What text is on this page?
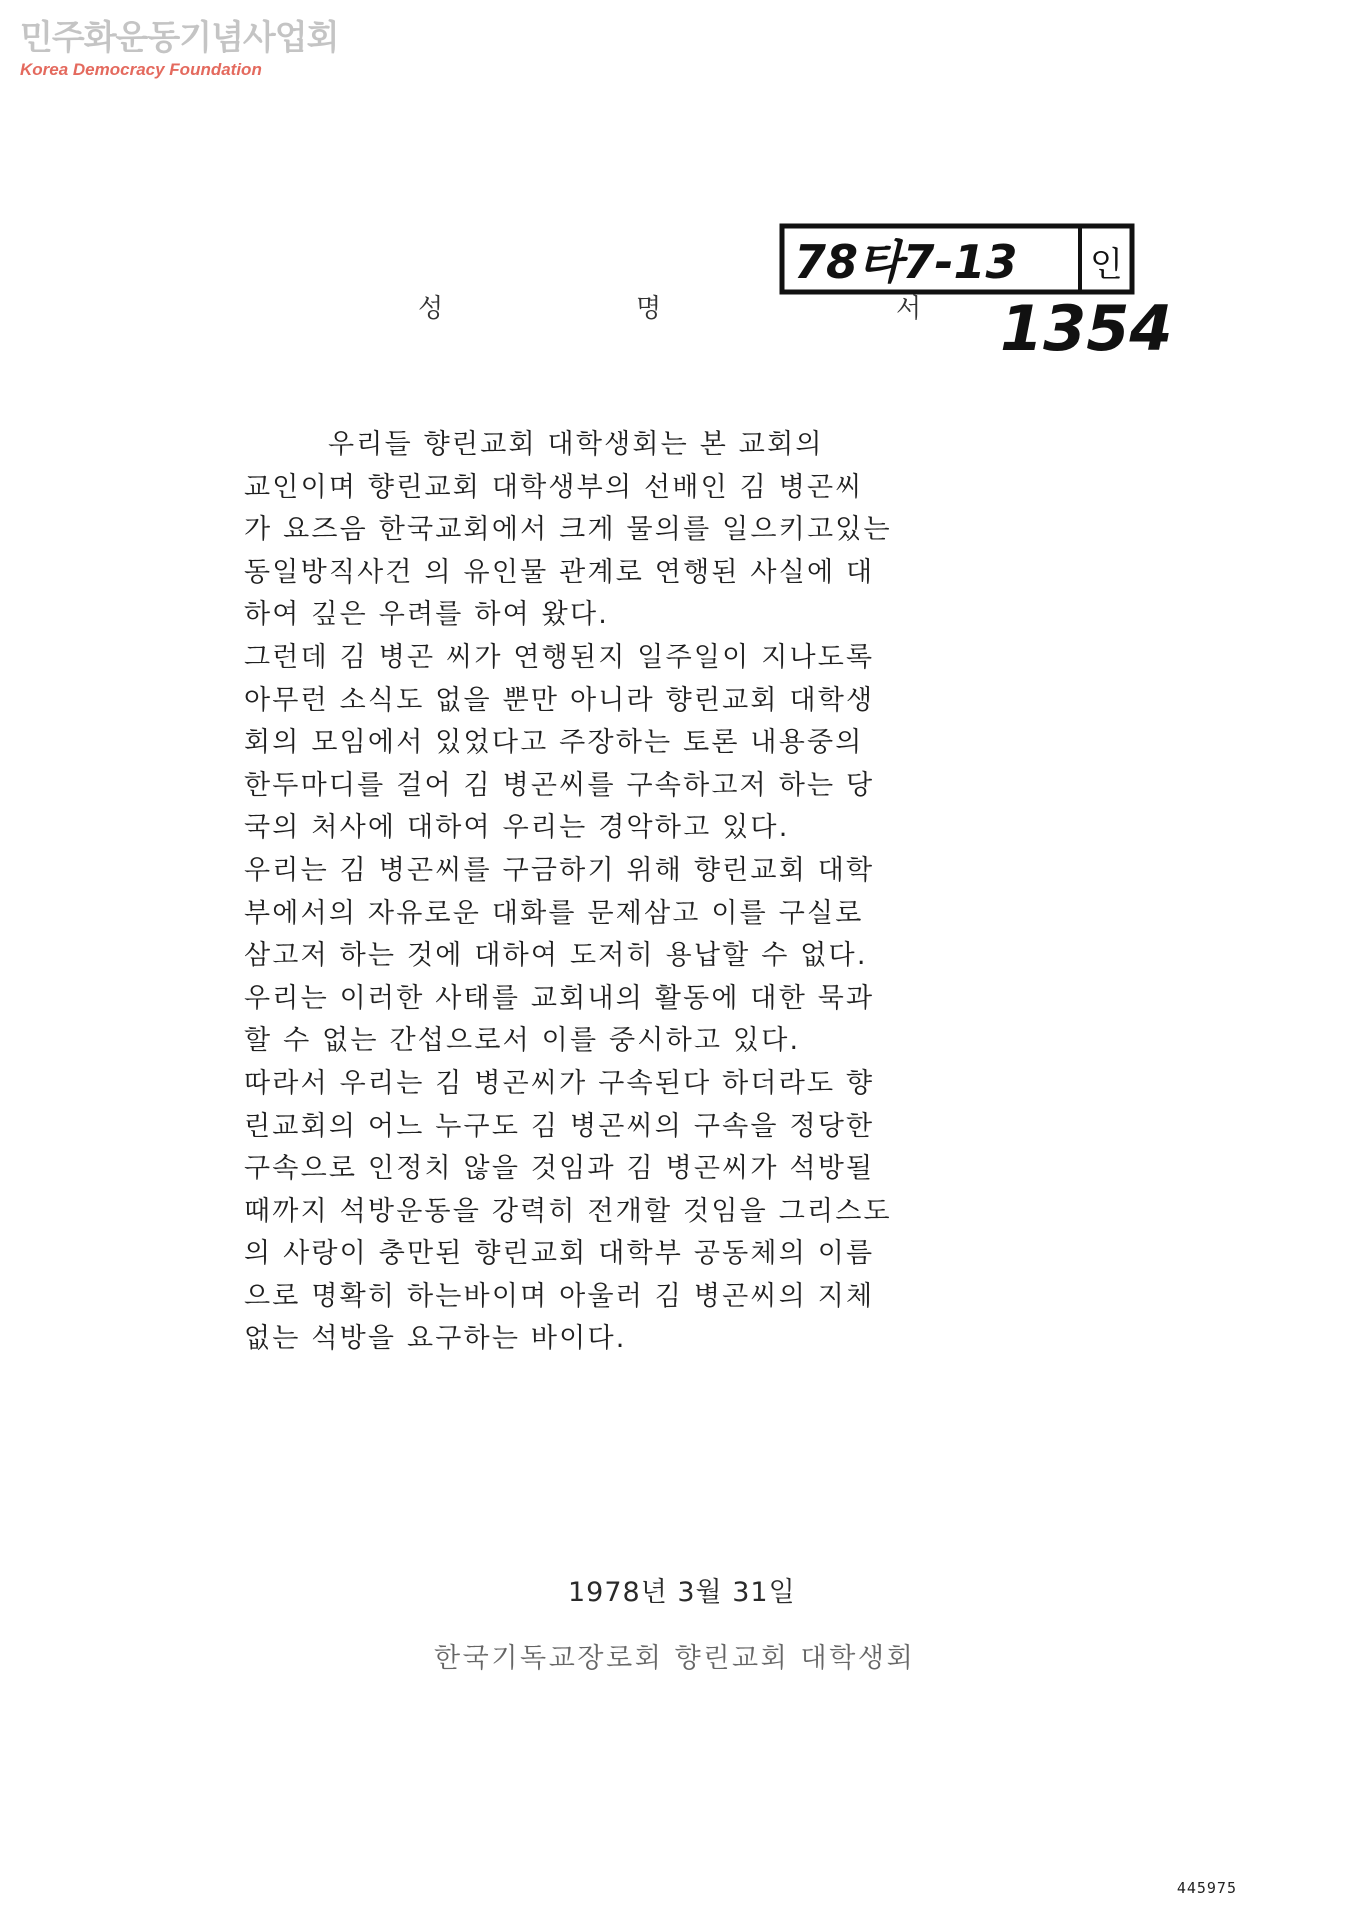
민주화운동기념사업회
Korea Democracy Foundation
78타7-13 인
1354
성	명	서
우리들 향린교회 대학생회는 본 교회의
교인이며 향린교회 대학생부의 선배인 김 병곤씨
가 요즈음 한국교회에서 크게 물의를 일으키고있는
동일방직사건 의 유인물 관계로 연행된 사실에 대
하여 깊은 우려를 하여 왔다.
그런데 김 병곤 씨가 연행된지 일주일이 지나도록
아무런 소식도 없을 뿐만 아니라 향린교회 대학생
회의 모임에서 있었다고 주장하는 토론 내용중의
한두마디를 걸어 김 병곤씨를 구속하고저 하는 당
국의 처사에 대하여 우리는 경악하고 있다.
우리는 김 병곤씨를 구금하기 위해 향린교회 대학
부에서의 자유로운 대화를 문제삼고 이를 구실로
삼고저 하는 것에 대하여 도저히 용납할 수 없다.
우리는 이러한 사태를 교회내의 활동에 대한 묵과
할 수 없는 간섭으로서 이를 중시하고 있다.
따라서 우리는 김 병곤씨가 구속된다 하더라도 향
린교회의 어느 누구도 김 병곤씨의 구속을 정당한
구속으로 인정치 않을 것임과 김 병곤씨가 석방될
때까지 석방운동을 강력히 전개할 것임을 그리스도
의 사랑이 충만된 향린교회 대학부 공동체의 이름
으로 명확히 하는바이며 아울러 김 병곤씨의 지체
없는 석방을 요구하는 바이다.
1978년 3월 31일
한국기독교장로회 향린교회 대학생회
445975
